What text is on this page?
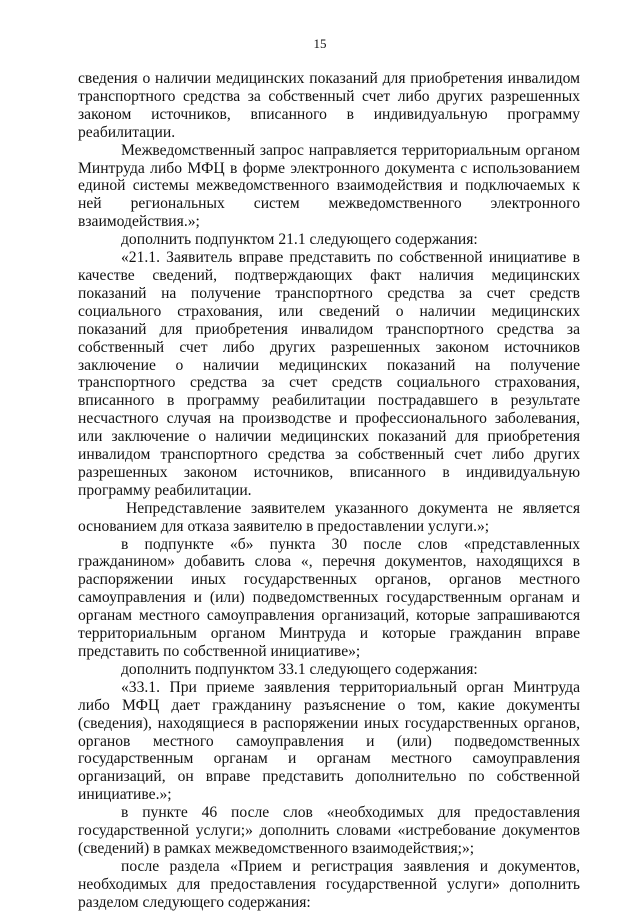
15

сведения о наличии медицинских показаний для приобретения инвалидом транспортного средства за собственный счет либо других разрешенных законом источников, вписанного в индивидуальную программу реабилитации.

Межведомственный запрос направляется территориальным органом Минтруда либо МФЦ в форме электронного документа с использованием единой системы межведомственного взаимодействия и подключаемых к ней региональных систем межведомственного электронного взаимодействия.»;

дополнить подпунктом 21.1 следующего содержания:

«21.1. Заявитель вправе представить по собственной инициативе в качестве сведений, подтверждающих факт наличия медицинских показаний на получение транспортного средства за счет средств социального страхования, или сведений о наличии медицинских показаний для приобретения инвалидом транспортного средства за собственный счет либо других разрешенных законом источников заключение о наличии медицинских показаний на получение транспортного средства за счет средств социального страхования, вписанного в программу реабилитации пострадавшего в результате несчастного случая на производстве и профессионального заболевания, или заключение о наличии медицинских показаний для приобретения инвалидом транспортного средства за собственный счет либо других разрешенных законом источников, вписанного в индивидуальную программу реабилитации.

Непредставление заявителем указанного документа не является основанием для отказа заявителю в предоставлении услуги.»;

в подпункте «б» пункта 30 после слов «представленных гражданином» добавить слова «, перечня документов, находящихся в распоряжении иных государственных органов, органов местного самоуправления и (или) подведомственных государственным органам и органам местного самоуправления организаций, которые запрашиваются территориальным органом Минтруда и которые гражданин вправе представить по собственной инициативе»;

дополнить подпунктом 33.1 следующего содержания:

«33.1. При приеме заявления территориальный орган Минтруда либо МФЦ дает гражданину разъяснение о том, какие документы (сведения), находящиеся в распоряжении иных государственных органов, органов местного самоуправления и (или) подведомственных государственным органам и органам местного самоуправления организаций, он вправе представить дополнительно по собственной инициативе.»;

в пункте 46 после слов «необходимых для предоставления государственной услуги;» дополнить словами «истребование документов (сведений) в рамках межведомственного взаимодействия;»;

после раздела «Прием и регистрация заявления и документов, необходимых для предоставления государственной услуги» дополнить разделом следующего содержания:
